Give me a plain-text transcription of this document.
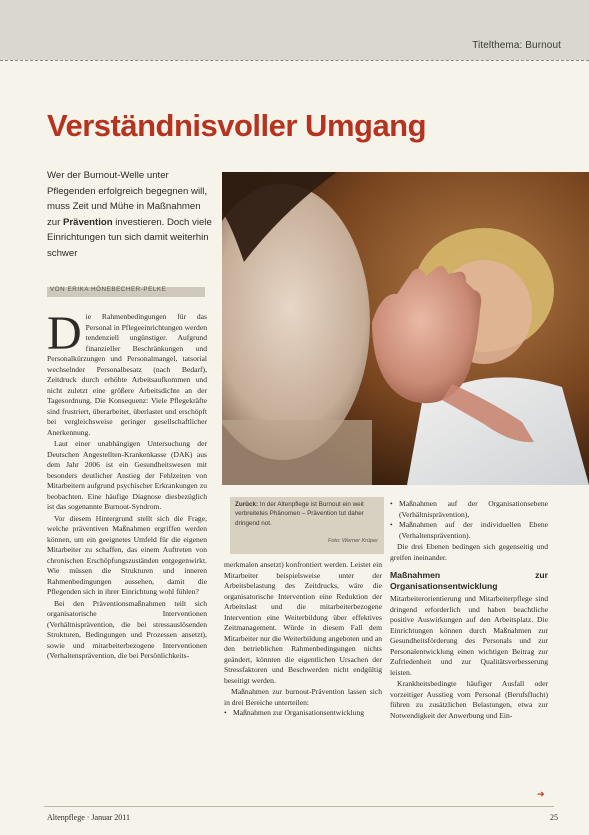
Titelthema: Burnout
Verständnisvoller Umgang
Wer der Burnout-Welle unter Pflegenden erfolgreich begegnen will, muss Zeit und Mühe in Maßnahmen zur Prävention investieren. Doch viele Einrichtungen tun sich damit weiterhin schwer
VON ERIKA HÖNEBECHER-PELKE
Zurück: In der Altenpflege ist Burnout ein weit verbreitetes Phänomen – Prävention tut daher dringend not.
Foto: Werner Krüper

Die Rahmenbedingungen für das Personal in Pflegeeinrichtungen werden tendenziell ungünstiger. Aufgrund finanzieller Beschränkungen und Personalkürzungen und Personalmangel, tatsorial wechselnder Personalbesatz (nach Bedarf), Zeitdruck durch erhöhte Arbeitsaufkommen und nicht zuletzt eine größere Arbeitsdichte an der Tagesordnung. Die Konsequenz: Viele Pflegekräfte sind frustriert, überarbeitet, überlastet und erschöpft bei vergleichsweise geringer gesellschaftlicher Anerkennung.

Laut einer unabhängigen Untersuchung der Deutschen Angestellten-Krankenkasse (DAK) aus dem Jahr 2006 ist ein Gesundheitswesen mit besonders deutlicher Anstieg der Fehlzeiten von Mitarbeitern aufgrund psychischer Erkrankungen zu beobachten. Eine häufige Diagnose diesbezüglich ist das sogenannte Burnout-Syndrom.

Vor diesem Hintergrund stellt sich die Frage, welche präventiven Maßnahmen ergriffen werden können, um ein geeignetes Umfeld für die eigenen Mitarbeiter zu schaffen, das einem Auftreten von chronischen Erschöpfungszuständen entgegenwirkt. Wie müssen die Strukturen und inneren Rahmenbedingungen aussehen, damit die Pflegenden sich in ihrer Einrichtung wohl fühlen?

Bei den Präventionsmaßnahmen teilt sich organisatorische Interventionen (Verhältnisprävention, die bei stressauslösenden Strukturen, Bedingungen und Prozessen ansetzt), sowie und mitarbeiterbezogene Interventionen (Verhaltensprävention, die bei Persönlichkeits-

merkmalen ansetzt) konfrontiert werden. Leistet ein Mitarbeiter beispielsweise unter der Arbeitsbelastung des Zeitdrucks, wäre die organisatorische Intervention eine Reduktion der Arbeitslast und die mitarbeiterbezogene Intervention eine Weiterbildung über effektives Zeitmanagement. Würde in diesem Fall dem Mitarbeiter nur die Weiterbildung angeboten und an den betrieblichen Rahmenbedingungen nichts geändert, könnten die eigentlichen Ursachen der Stressfaktoren und Beschwerden nicht endgültig beseitigt werden.

Maßnahmen zur burnout-Prävention lassen sich in drei Bereiche unterteilen:

• Maßnahmen zur Organisationsentwicklung
• Maßnahmen auf der Organisationsebene (Verhältnisprävention),
• Maßnahmen auf der individuellen Ebene (Verhaltensprävention).

Die drei Ebenen bedingen sich gegenseitig und greifen ineinander.

Maßnahmen zur Organisationsentwicklung

Mitarbeiterorientierung und Mitarbeiterpflege sind dringend erforderlich und haben beachtliche positive Auswirkungen auf den Arbeitsplatz. Die Einrichtungen können durch Maßnahmen zur Gesundheitsförderung des Personals und zur Personalentwicklung einen wichtigen Beitrag zur Zufriedenheit und zur Qualitätsverbesserung leisten.

Krankheitsbedingte häufiger Ausfall oder vorzeitiger Ausstieg vom Personal (Berufsflucht) führen zu zusätzlichen Belastungen, etwa zur Notwendigkeit der Anwerbung und Ein-

➔
Altenpflege · Januar 2011	25
